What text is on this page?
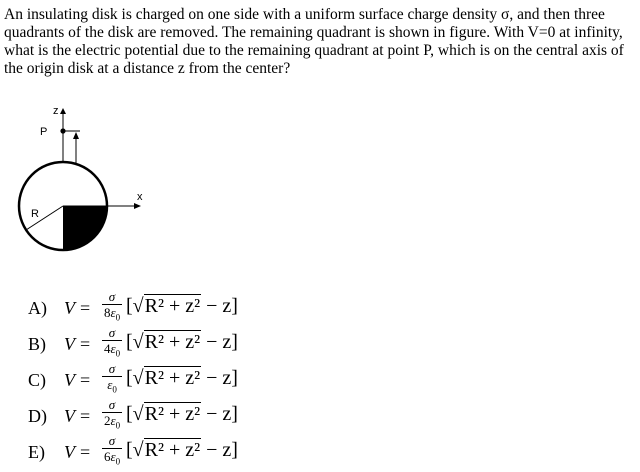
An insulating disk is charged on one side with a uniform surface charge density σ, and then three quadrants of the disk are removed. The remaining quadrant is shown in figure. With V=0 at infinity, what is the electric potential due to the remaining quadrant at point P, which is on the central axis of the origin disk at a distance z from the center?

z
P
x
R
A) V =
σ
$8\varepsilon_0$
[√R² + z² − z]
B) V =
σ
$4\varepsilon_0$
[√R² + z² − z]
C) V =
σ
$\varepsilon_0$
[√R² + z² − z]
D) V =
σ
$2\varepsilon_0$
[√R² + z² − z]
E) V =
σ
$6\varepsilon_0$
[√R² + z² − z]
